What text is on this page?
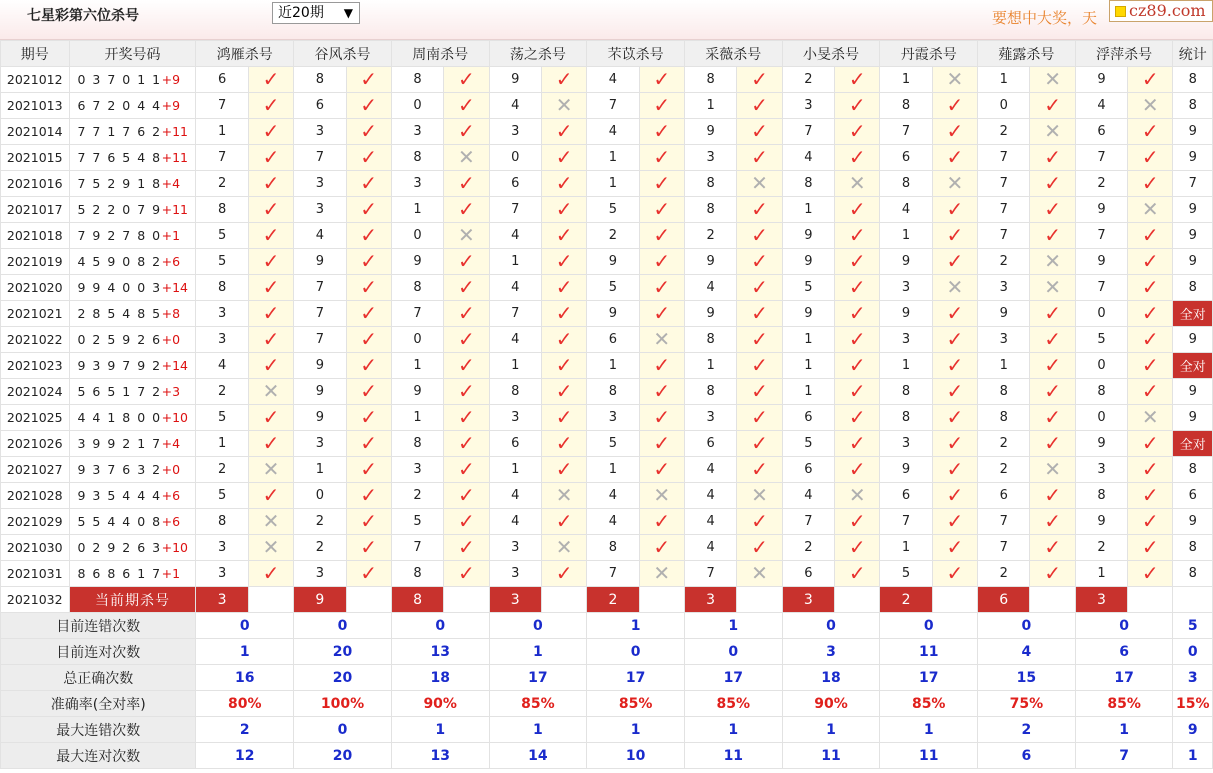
七星彩第六位杀号	近20期 ▼	要想中大奖，天 cz89.com
期号	开奖号码	鸿雁杀号		谷风杀号		周南杀号		荡之杀号		芣苡杀号		采薇杀号		小旻杀号		丹霞杀号		薤露杀号		浮萍杀号		统计
2021012	0 3 7 0 1 1+9	6	✓	8	✓	8	✓	9	✓	4	✓	8	✓	2	✓	1	✕	1	✕	9	✓	8
2021013	6 7 2 0 4 4+9	7	✓	6	✓	0	✓	4	✕	7	✓	1	✓	3	✓	8	✓	0	✓	4	✕	8
2021014	7 7 1 7 6 2+11	1	✓	3	✓	3	✓	3	✓	4	✓	9	✓	7	✓	7	✓	2	✕	6	✓	9
2021015	7 7 6 5 4 8+11	7	✓	7	✓	8	✕	0	✓	1	✓	3	✓	4	✓	6	✓	7	✓	7	✓	9
2021016	7 5 2 9 1 8+4	2	✓	3	✓	3	✓	6	✓	1	✓	8	✕	8	✕	8	✕	7	✓	2	✓	7
2021017	5 2 2 0 7 9+11	8	✓	3	✓	1	✓	7	✓	5	✓	8	✓	1	✓	4	✓	7	✓	9	✕	9
2021018	7 9 2 7 8 0+1	5	✓	4	✓	0	✕	4	✓	2	✓	2	✓	9	✓	1	✓	7	✓	7	✓	9
2021019	4 5 9 0 8 2+6	5	✓	9	✓	9	✓	1	✓	9	✓	9	✓	9	✓	9	✓	2	✕	9	✓	9
2021020	9 9 4 0 0 3+14	8	✓	7	✓	8	✓	4	✓	5	✓	4	✓	5	✓	3	✕	3	✕	7	✓	8
2021021	2 8 5 4 8 5+8	3	✓	7	✓	7	✓	7	✓	9	✓	9	✓	9	✓	9	✓	9	✓	0	✓	全对
2021022	0 2 5 9 2 6+0	3	✓	7	✓	0	✓	4	✓	6	✕	8	✓	1	✓	3	✓	3	✓	5	✓	9
2021023	9 3 9 7 9 2+14	4	✓	9	✓	1	✓	1	✓	1	✓	1	✓	1	✓	1	✓	1	✓	0	✓	全对
2021024	5 6 5 1 7 2+3	2	✕	9	✓	9	✓	8	✓	8	✓	8	✓	1	✓	8	✓	8	✓	8	✓	9
2021025	4 4 1 8 0 0+10	5	✓	9	✓	1	✓	3	✓	3	✓	3	✓	6	✓	8	✓	8	✓	0	✕	9
2021026	3 9 9 2 1 7+4	1	✓	3	✓	8	✓	6	✓	5	✓	6	✓	5	✓	3	✓	2	✓	9	✓	全对
2021027	9 3 7 6 3 2+0	2	✕	1	✓	3	✓	1	✓	1	✓	4	✓	6	✓	9	✓	2	✕	3	✓	8
2021028	9 3 5 4 4 4+6	5	✓	0	✓	2	✓	4	✕	4	✕	4	✕	4	✕	6	✓	6	✓	8	✓	6
2021029	5 5 4 4 0 8+6	8	✕	2	✓	5	✓	4	✓	4	✓	4	✓	7	✓	7	✓	7	✓	9	✓	9
2021030	0 2 9 2 6 3+10	3	✕	2	✓	7	✓	3	✕	8	✓	4	✓	2	✓	1	✓	7	✓	2	✓	8
2021031	8 6 8 6 1 7+1	3	✓	3	✓	8	✓	3	✓	7	✕	7	✕	6	✓	5	✓	2	✓	1	✓	8
2021032	当前期杀号	3		9		8		3		2		3		3		2		6		3		
目前连错次数		0		0		0		0		1		1		0		0		0		0		5
目前连对次数		1		20		13		1		0		0		3		11		4		6		0
总正确次数		16		20		18		17		17		17		18		17		15		17		3
准确率(全对率)		80%		100%		90%		85%		85%		85%		90%		85%		75%		85%		15%
最大连错次数		2		0		1		1		1		1		1		1		2		1		9
最大连对次数		12		20		13		14		10		11		11		11		6		7		1
